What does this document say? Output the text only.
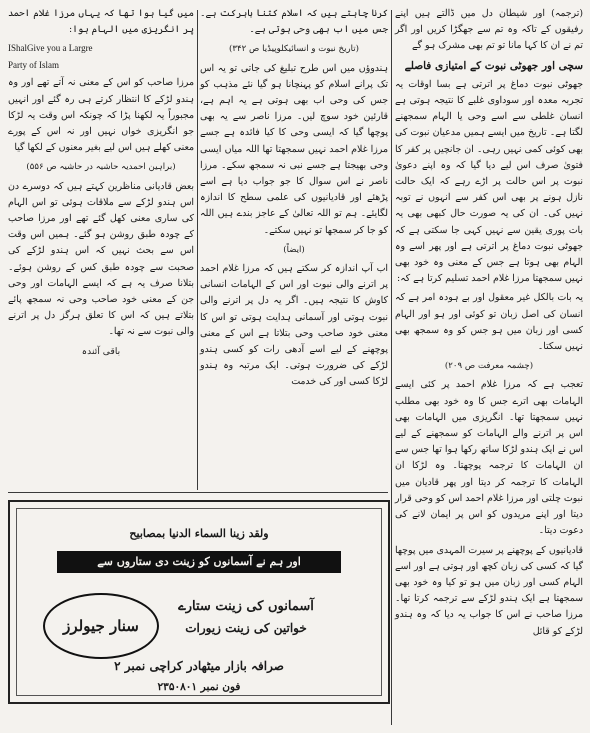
(ترجمہ) اور شیطان دل میں ڈالتے ہیں اپنے رفیقوں کے تاکہ وہ تم سے جھگڑا کریں اور اگر تم نے ان کا کہا مانا تو تم بھی مشرک ہو گے

سچی اور جھوٹی نبوت کے امتیازی فاصلے

جھوٹی نبوت دماغ پر اترتی ہے بسا اوقات یہ تجربہ معدہ اور سوداوی غلبے کا نتیجہ ہوتی ہے انسان غلطی سے اسے وحی یا الہام سمجھنے لگتا ہے۔ تاریخ میں ایسے ہمیں مدعیان نبوت کی بھی کوئی کمی نہیں رہی۔ ان جانچیں پر کفر کا فتویٰ صرف اس لیے دیا گیا کہ وہ اپنے دعویٰ نبوت پر اس حالت پر اڑے رہے کہ ایک حالت نازل ہونے پر بھی اس کفر سے انہوں نے توبہ نہیں کی۔ ان کی یہ صورت حال کبھی بھی یہ بات پوری یقین سے نہیں کہی جا سکتی ہے کہ جھوٹی نبوت دماغ پر اترتی ہے اور پھر اسے وہ الہام بھی ہوتا ہے جس کے معنی وہ خود بھی نہیں سمجھتا مرزا غلام احمد تسلیم کرتا ہے کہ:

یہ بات بالکل غیر معقول اور بے ہودہ امر ہے کہ انسان کی اصل زبان تو کوئی اور ہو اور الہام کسی اور زبان میں ہو جس کو وہ سمجھ بھی نہیں سکتا۔

(چشمہ معرفت ص ۲۰۹)

تعجب ہے کہ مرزا غلام احمد پر کئی ایسے الہامات بھی اترے جس کا وہ خود بھی مطلب نہیں سمجھتا تھا۔ انگریزی میں الہامات بھی اس پر اترنے والے الہامات کو سمجھنے کے لیے اس نے ایک ہندو لڑکا ساتھ رکھا ہوا تھا جس سے ان الہامات کا ترجمہ پوچھتا۔ وہ لڑکا ان الہامات کا ترجمہ کر دیتا اور پھر قادیان میں نبوت چلتی اور مرزا غلام احمد اس کو وحی قرار دیتا اور اپنے مریدوں کو اس پر ایمان لانے کی دعوت دیتا۔

قادیانیوں کے پوچھنے پر سیرت المہدی میں پوچھا گیا کہ کسی کی زبان کچھ اور ہوتی ہے اور اسے الہام کسی اور زبان میں ہو تو کیا وہ خود بھی سمجھتا ہے ایک ہندو لڑکے سے ترجمہ کرتا تھا۔ مرزا صاحب نے اس کا جواب یہ دیا کہ وہ ہندو لڑکے کو قائل

کرنا چاہتے ہیں کہ اسلام کتنا بابرکت ہے۔ جس میں اب بھی وحی ہوتی ہے۔

(تاریخ نبوت و انسائیکلوپیڈیا ص ۳۴۲)

ہندوؤں میں اس طرح تبلیغ کی جاتی تو یہ اس تک پرانے اسلام کو پہنچانا ہو گیا نئے مذہب کو جس کی وحی اب بھی ہوتی ہے یہ اہم ہے، قارئین خود سوچ لیں۔ مرزا ناصر سے یہ بھی پوچھا گیا کہ ایسی وحی کا کیا فائدہ ہے جسے مرزا غلام احمد نہیں سمجھتا تھا اللہ میاں ایسی وحی بھیجتا ہے جسے نبی نہ سمجھ سکے۔ مرزا ناصر نے اس سوال کا جو جواب دیا ہے اسے پڑھئے اور قادیانیوں کی علمی سطح کا اندازہ لگایئے۔ ہم تو اللہ تعالیٰ کے عاجز بندے ہیں اللہ کو جا کر سمجھا تو نہیں سکتے۔

(ایضاً)

اب آپ اندازہ کر سکتے ہیں کہ مرزا غلام احمد پر اترنے والی نبوت اور اس کے الہامات انسانی کاوش کا نتیجہ ہیں۔ اگر یہ دل پر اترنے والی نبوت ہوتی اور آسمانی ہدایت ہوتی تو اس کا معنی خود صاحب وحی بتلاتا ہے اس کے معنی پوچھنے کے لیے اسے آدھی رات کو کسی ہندو لڑکے کی ضرورت ہوتی۔ ایک مرتبہ وہ ہندو لڑکا کسی اور کی خدمت

میں گیا ہوا تھا کہ یہاں مرزا غلام احمد پر انگریزی میں الہام ہوا:

IShalGive you a Largre

Party of Islam

مرزا صاحب کو اس کے معنی نہ آتے تھے اور وہ ہندو لڑکے کا انتظار کرتے ہی رہ گئے اور انہیں مجبوراً یہ لکھنا پڑا کہ چونکہ اس وقت یہ لڑکا جو انگریزی خواں نہیں اور نہ اس کے پورے معنی کھلے ہیں اس لیے بغیر معنوں کے لکھا گیا

(براہین احمدیہ حاشیہ در حاشیہ ص ۵۵۶)

بعض قادیانی مناظرین کہتے ہیں کہ دوسرے دن اس ہندو لڑکے سے ملاقات ہوئی تو اس الہام کی ساری معنی کھل گئے تھے اور مرزا صاحب کے چودہ طبق روشن ہو گئے۔ ہمیں اس وقت اس سے بحث نہیں کہ اس ہندو لڑکے کی صحبت سے چودہ طبق کس کے روشن ہوئے۔ بتلانا صرف یہ ہے کہ ایسے الہامات اور وحی جن کے معنی خود صاحب وحی نہ سمجھ پائے بتلاتے ہیں کہ اس کا تعلق ہرگز دل پر اترنے والی نبوت سے نہ تھا۔

باقی آئندہ

ولقد زینا السماء الدنیا بمصابیح
اور ہم نے آسمانوں کو زینت دی ستاروں سے
سنار جیولرز
آسمانوں کی زینت ستارے
خواتین کی زینت زیورات
صرافہ بازار میٹھادر کراچی نمبر ۲
فون نمبر ۲۳۵۰۸۰۱
